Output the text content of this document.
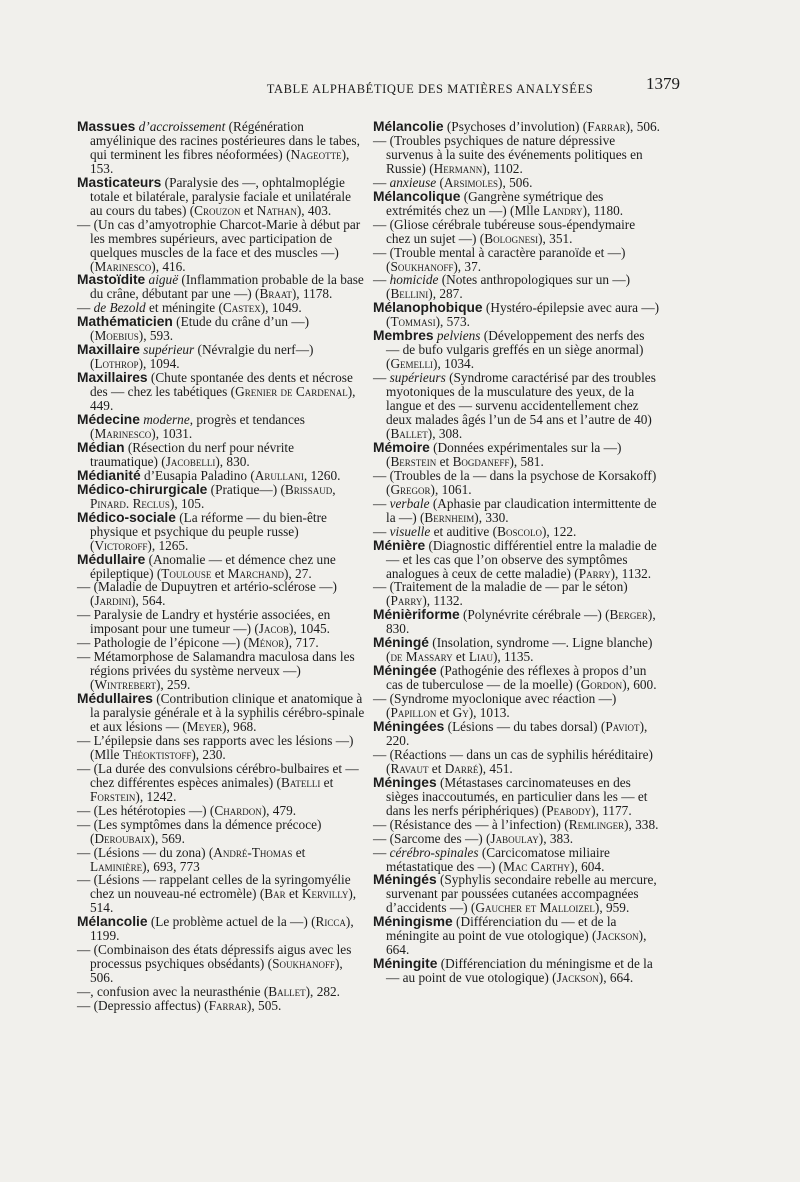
TABLE ALPHABÉTIQUE DES MATIÈRES ANALYSÉES	1379

Massues d’accroissement (Régénération amyélinique des racines postérieures dans le tabes, qui terminent les fibres néoformées) (Nageotte), 153.

Masticateurs (Paralysie des —, ophtalmoplégie totale et bilatérale, paralysie faciale et unilatérale au cours du tabes) (Crouzon et Nathan), 403.

— (Un cas d’amyotrophie Charcot-Marie à début par les membres supérieurs, avec participation de quelques muscles de la face et des muscles —) (Marinesco), 416.

Mastoïdite aiguë (Inflammation probable de la base du crâne, débutant par une —) (Braat), 1178.

— de Bezold et méningite (Castex), 1049.

Mathématicien (Etude du crâne d’un —) (Moebius), 593.

Maxillaire supérieur (Névralgie du nerf—) (Lothrop), 1094.

Maxillaires (Chute spontanée des dents et nécrose des — chez les tabétiques (Grenier de Cardenal), 449.

Médecine moderne, progrès et tendances (Marinesco), 1031.

Médian (Résection du nerf pour névrite traumatique) (Jacobelli), 830.

Médianité d’Eusapia Paladino (Arullani, 1260.

Médico-chirurgicale (Pratique—) (Brissaud, Pinard. Reclus), 105.

Médico-sociale (La réforme — du bien-être physique et psychique du peuple russe) (Victoroff), 1265.

Médullaire (Anomalie — et démence chez une épileptique) (Toulouse et Marchand), 27.

— (Maladie de Dupuytren et artério-sclérose —) (Jardini), 564.

— Paralysie de Landry et hystérie associées, en imposant pour une tumeur —) (Jacob), 1045.

— Pathologie de l’épicone —) (Ménor), 717.

— Métamorphose de Salamandra maculosa dans les régions privées du système nerveux —) (Wintrebert), 259.

Médullaires (Contribution clinique et anatomique à la paralysie générale et à la syphilis cérébro-spinale et aux lésions — (Meyer), 968.

— L’épilepsie dans ses rapports avec les lésions —) (Mlle Théoktistoff), 230.

— (La durée des convulsions cérébro-bulbaires et — chez différentes espèces animales) (Batelli et Forstein), 1242.

— (Les hétérotopies —) (Chardon), 479.

— (Les symptômes dans la démence précoce) (Deroubaix), 569.

— (Lésions — du zona) (André-Thomas et Laminière), 693, 773

— (Lésions — rappelant celles de la syringomyélie chez un nouveau-né ectromèle) (Bar et Kervilly), 514.

Mélancolie (Le problème actuel de la —) (Ricca), 1199.

— (Combinaison des états dépressifs aigus avec les processus psychiques obsédants) (Soukhanoff), 506.

—, confusion avec la neurasthénie (Ballet), 282.

— (Depressio affectus) (Farrar), 505.

Mélancolie (Psychoses d’involution) (Farrar), 506.

— (Troubles psychiques de nature dépressive survenus à la suite des événements politiques en Russie) (Hermann), 1102.

— anxieuse (Arsimoles), 506.

Mélancolique (Gangrène symétrique des extrémités chez un —) (Mlle Landry), 1180.

— (Gliose cérébrale tubéreuse sous-épendymaire chez un sujet —) (Bolognesi), 351.

— (Trouble mental à caractère paranoïde et —) (Soukhanoff), 37.

— homicide (Notes anthropologiques sur un —) (Bellini), 287.

Mélanophobique (Hystéro-épilepsie avec aura —) (Tommasi), 573.

Membres pelviens (Développement des nerfs des — de bufo vulgaris greffés en un siège anormal) (Gemelli), 1034.

— supérieurs (Syndrome caractérisé par des troubles myotoniques de la musculature des yeux, de la langue et des — survenu accidentellement chez deux malades âgés l’un de 54 ans et l’autre de 40) (Ballet), 308.

Mémoire (Données expérimentales sur la —) (Berstein et Bogdaneff), 581.

— (Troubles de la — dans la psychose de Korsakoff) (Gregor), 1061.

— verbale (Aphasie par claudication intermittente de la —) (Bernheim), 330.

— visuelle et auditive (Boscolo), 122.

Ménière (Diagnostic différentiel entre la maladie de — et les cas que l’on observe des symptômes analogues à ceux de cette maladie) (Parry), 1132.

— (Traitement de la maladie de — par le séton) (Parry), 1132.

Ménièriforme (Polynévrite cérébrale —) (Berger), 830.

Méningé (Insolation, syndrome —. Ligne blanche) (de Massary et Liau), 1135.

Méningée (Pathogénie des réflexes à propos d’un cas de tuberculose — de la moelle) (Gordon), 600.

— (Syndrome myoclonique avec réaction —) (Papillon et Gy), 1013.

Méningées (Lésions — du tabes dorsal) (Paviot), 220.

— (Réactions — dans un cas de syphilis héréditaire) (Ravaut et Darré), 451.

Méninges (Métastases carcinomateuses en des sièges inaccoutumés, en particulier dans les — et dans les nerfs périphériques) (Peabody), 1177.

— (Résistance des — à l’infection) (Remlinger), 338.

— (Sarcome des —) (Jaboulay), 383.

— cérébro-spinales (Carcicomatose miliaire métastatique des —) (Mac Carthy), 604.

Méningés (Syphylis secondaire rebelle au mercure, survenant par poussées cutanées accompagnées d’accidents —) (Gaucher et Malloizel), 959.

Méningisme (Différenciation du — et de la méningite au point de vue otologique) (Jackson), 664.

Méningite (Différenciation du méningisme et de la — au point de vue otologique) (Jackson), 664.
